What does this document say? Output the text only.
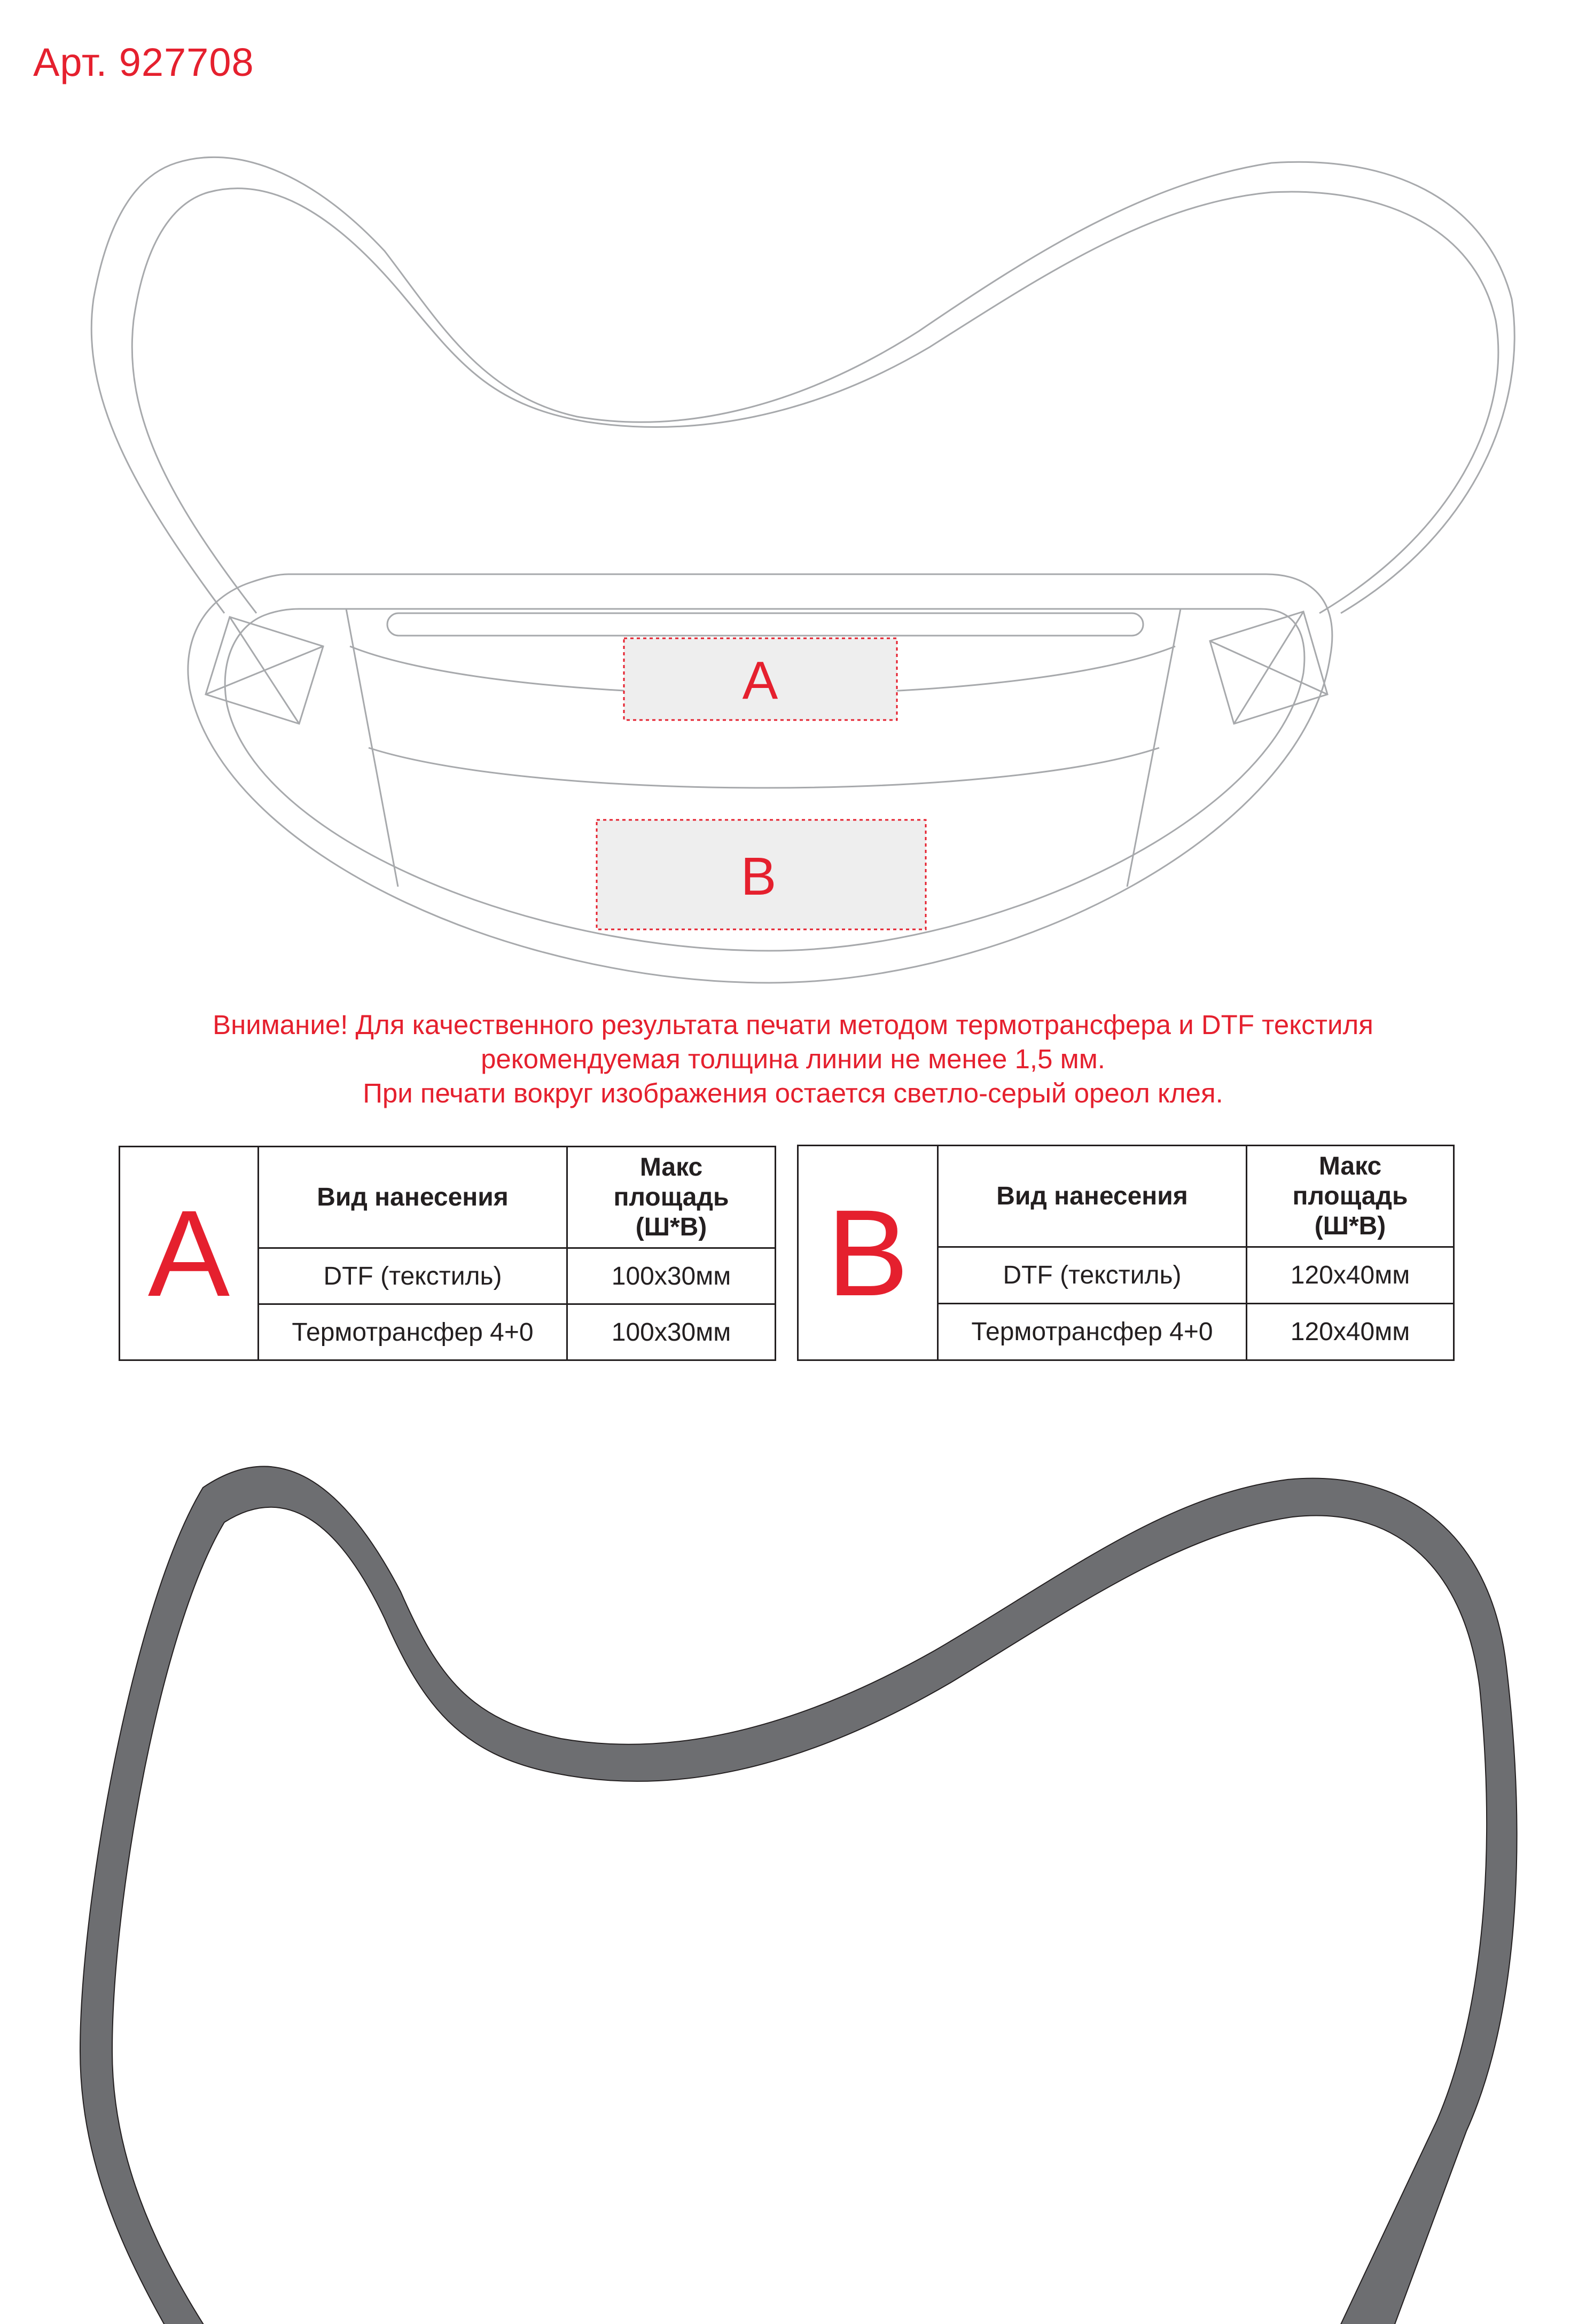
Арт. 927708
A
B
Внимание! Для качественного результата печати методом термотрансфера и DTF текстиля
рекомендуемая толщина линии не менее 1,5 мм.
При печати вокруг изображения остается светло-серый ореол клея.
A	Вид нанесения	Макс
площадь
(Ш*В)

	DTF (текстиль)	100х30мм
	Термотрансфер 4+0	100х30мм
B	Вид нанесения	Макс
площадь
(Ш*В)

	DTF (текстиль)	120х40мм
	Термотрансфер 4+0	120х40мм
